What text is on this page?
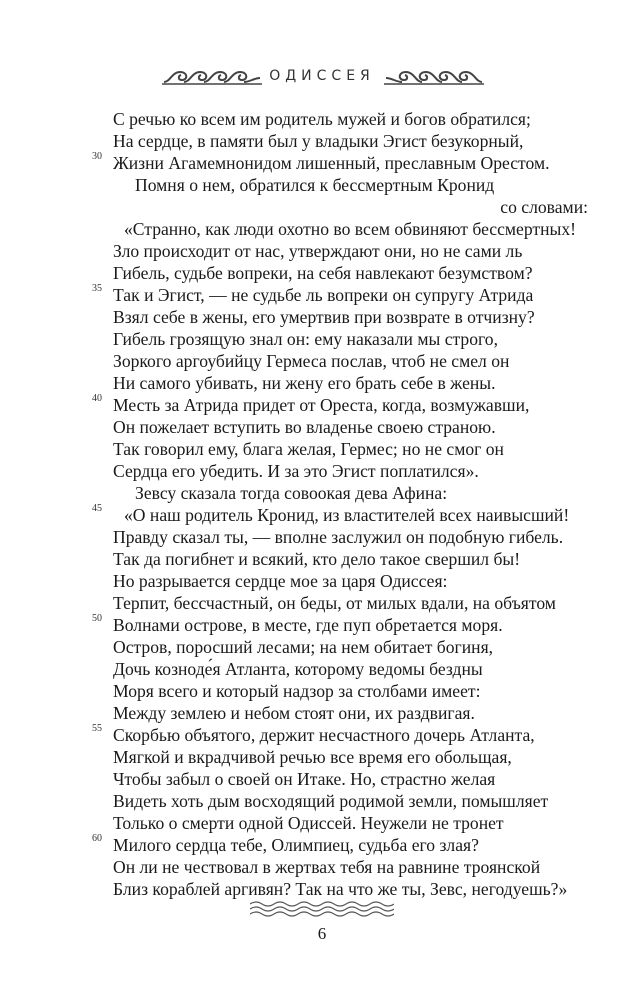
ОДИССЕЯ
С речью ко всем им родитель мужей и богов обратился;
На сердце, в памяти был у владыки Эгист безукорный,
30 Жизни Агамемнонидом лишенный, преславным Орестом.
Помня о нем, обратился к бессмертным Кронид
со словами:
«Странно, как люди охотно во всем обвиняют бессмертных!
Зло происходит от нас, утверждают они, но не сами ль
Гибель, судьбе вопреки, на себя навлекают безумством?
35 Так и Эгист, — не судьбе ль вопреки он супругу Атрида
Взял себе в жены, его умертвив при возврате в отчизну?
Гибель грозящую знал он: ему наказали мы строго,
Зоркого аргоубийцу Гермеса послав, чтоб не смел он
Ни самого убивать, ни жену его брать себе в жены.
40 Месть за Атрида придет от Ореста, когда, возмужавши,
Он пожелает вступить во владенье своею страною.
Так говорил ему, блага желая, Гермес; но не смог он
Сердца его убедить. И за это Эгист поплатился».
Зевсу сказала тогда совоокая дева Афина:
45 «О наш родитель Кронид, из властителей всех наивысший!
Правду сказал ты, — вполне заслужил он подобную гибель.
Так да погибнет и всякий, кто дело такое свершил бы!
Но разрывается сердце мое за царя Одиссея:
Терпит, бессчастный, он беды, от милых вдали, на объятом
50 Волнами острове, в месте, где пуп обретается моря.
Остров, поросший лесами; на нем обитает богиня,
Дочь козноде́я Атланта, которому ведомы бездны
Моря всего и который надзор за столбами имеет:
Между землею и небом стоят они, их раздвигая.
55 Скорбью объятого, держит несчастного дочерь Атланта,
Мягкой и вкрадчивой речью все время его обольщая,
Чтобы забыл о своей он Итаке. Но, страстно желая
Видеть хоть дым восходящий родимой земли, помышляет
Только о смерти одной Одиссей. Неужели не тронет
60 Милого сердца тебе, Олимпиец, судьба его злая?
Он ли не чествовал в жертвах тебя на равнине троянской
Близ кораблей аргивян? Так на что же ты, Зевс, негодуешь?»
6
